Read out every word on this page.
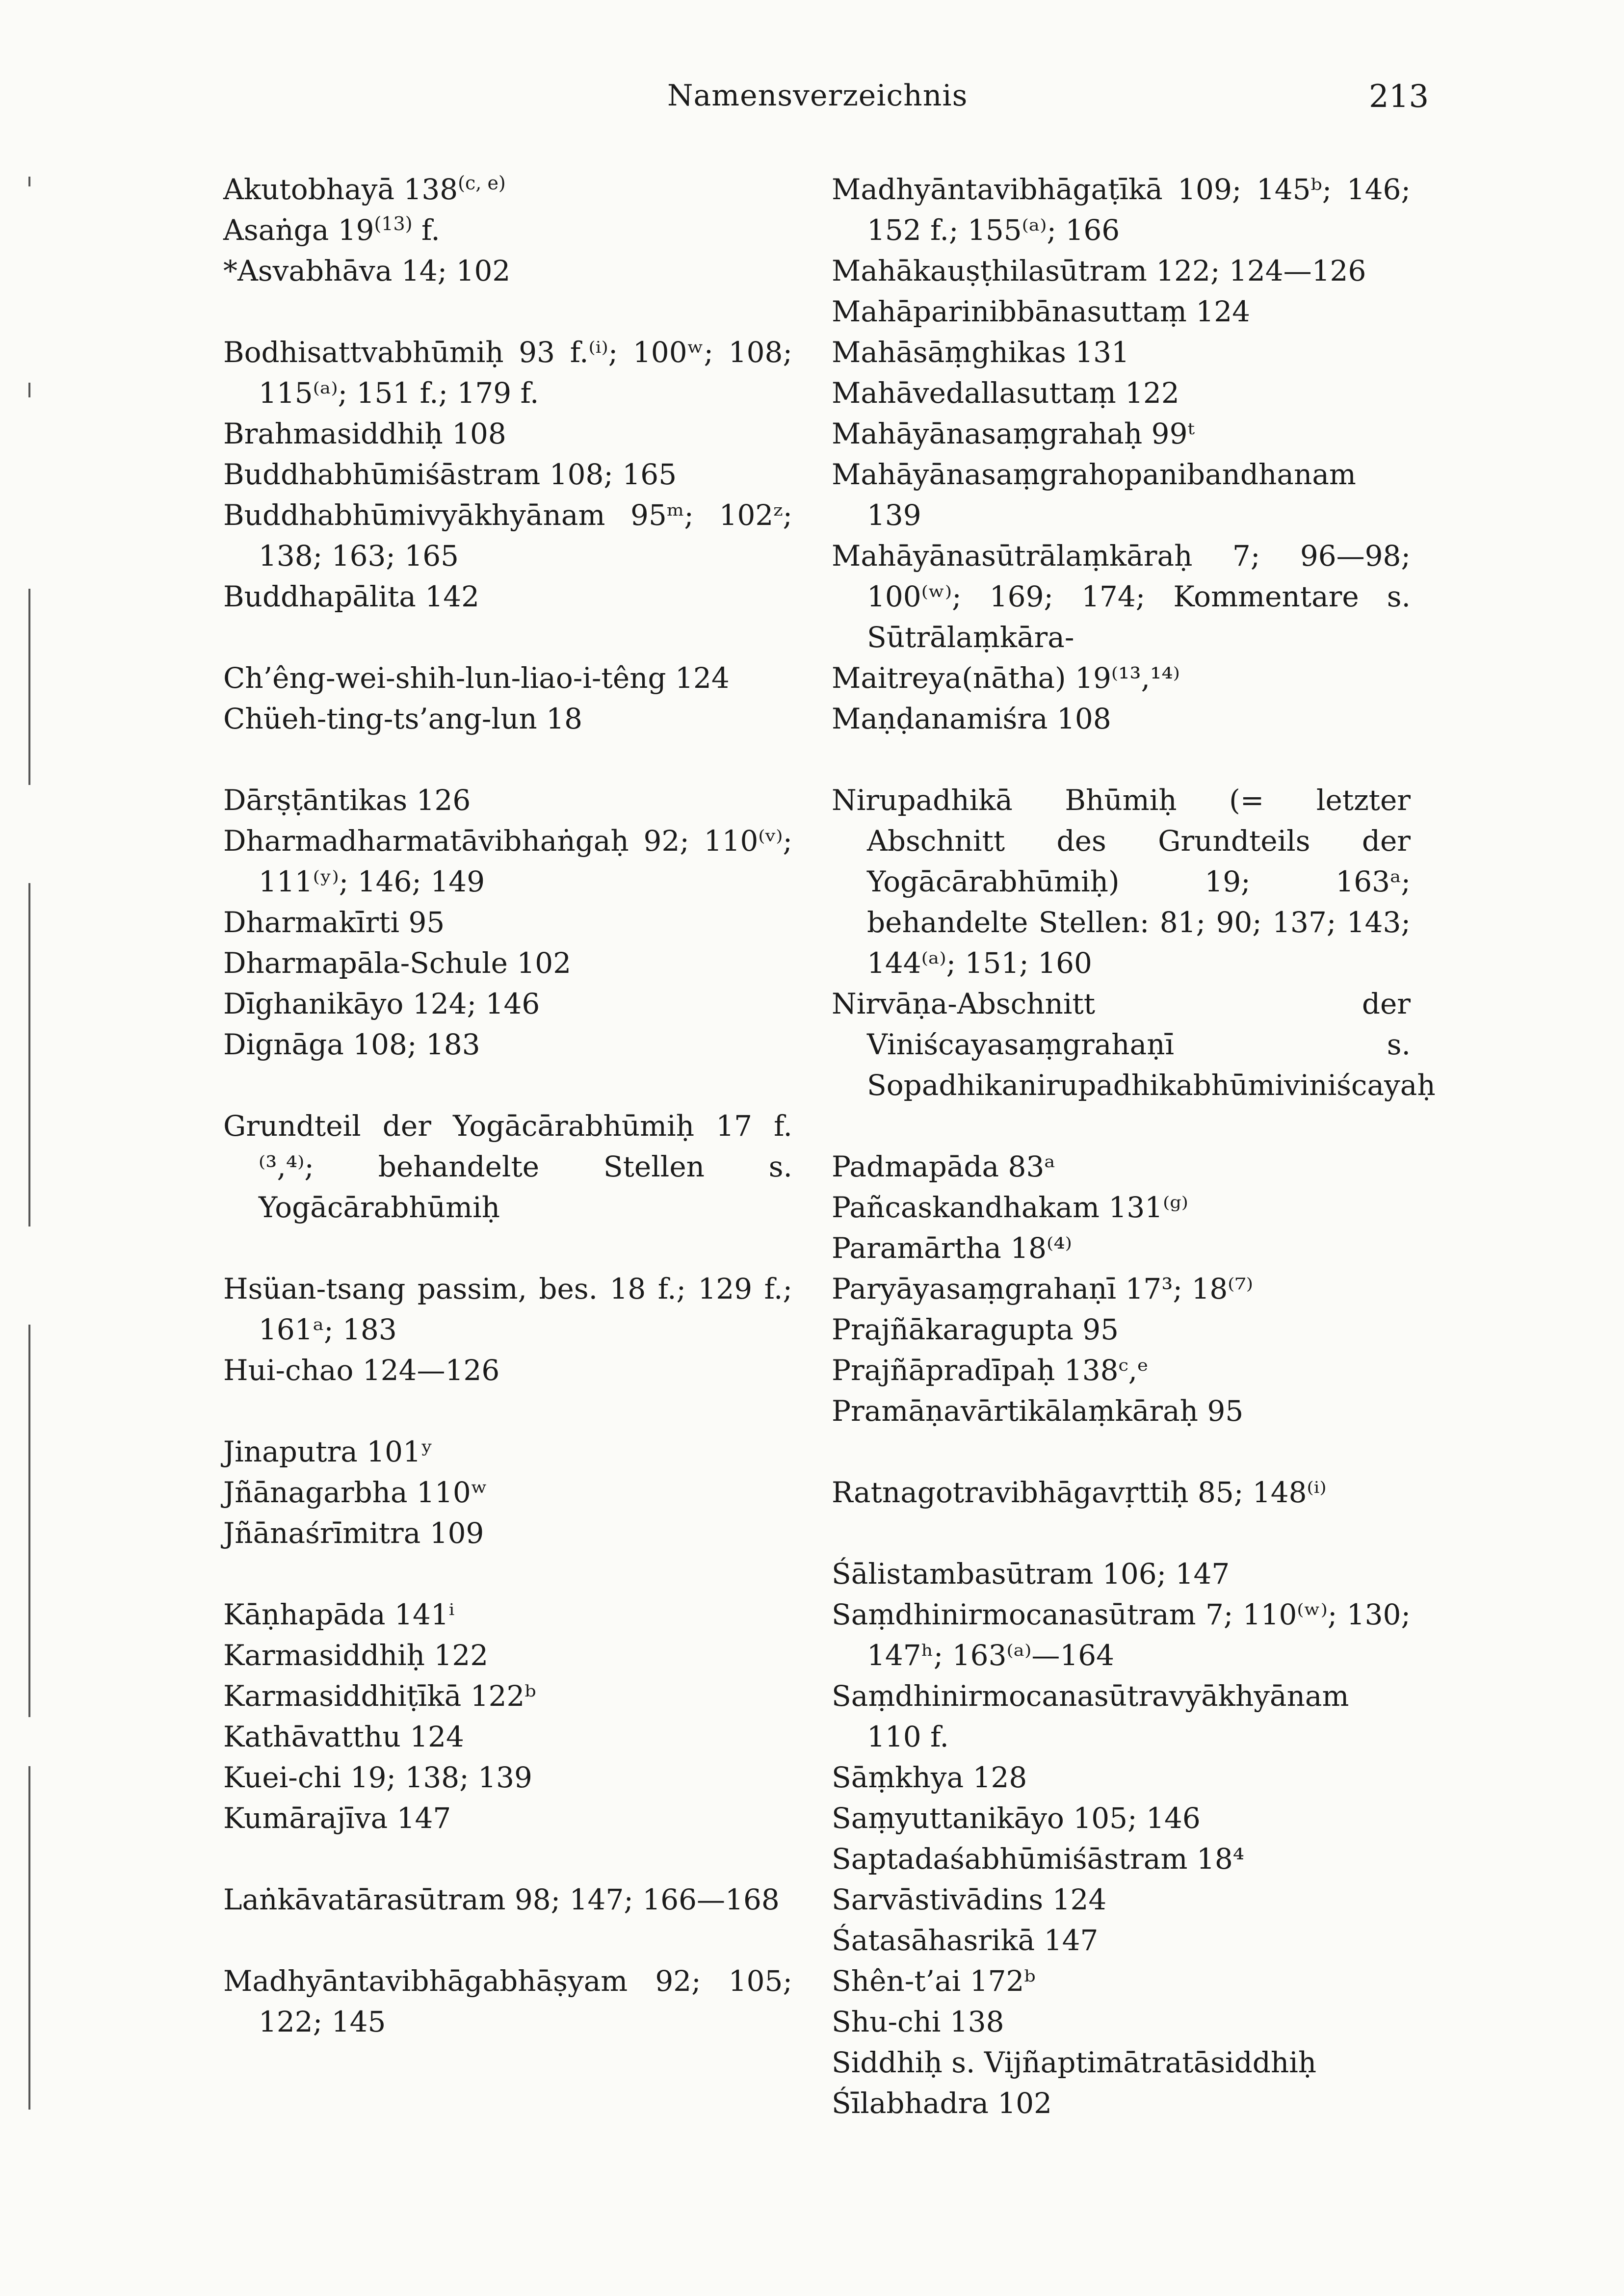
Namensverzeichnis	213
Akutobhayā 138$^{(c, e)}$
Asaṅga 19$^{(13)}$ f.
*Asvabhāva 14; 102
Bodhisattvabhūmiḥ 93 f.⁽ⁱ⁾; 100ʷ; 108; 115⁽ᵃ⁾; 151 f.; 179 f.
Brahmasiddhiḥ 108
Buddhabhūmiśāstram 108; 165
Buddhabhūmivyākhyānam 95ᵐ; 102ᶻ; 138; 163; 165
Buddhapālita 142
Ch’êng-wei-shih-lun-liao-i-têng 124
Chüeh-ting-ts’ang-lun 18
Dārṣṭāntikas 126
Dharmadharmatāvibhaṅgaḥ 92; 110⁽ᵛ⁾; 111⁽ʸ⁾; 146; 149
Dharmakīrti 95
Dharmapāla-Schule 102
Dīghanikāyo 124; 146
Dignāga 108; 183
Grundteil der Yogācārabhūmiḥ 17 f.⁽³,⁴⁾; behandelte Stellen s. Yogācārabhūmiḥ
Hsüan-tsang passim, bes. 18 f.; 129 f.; 161ᵃ; 183
Hui-chao 124—126
Jinaputra 101ʸ
Jñānagarbha 110ʷ
Jñānaśrīmitra 109
Kāṇhapāda 141ⁱ
Karmasiddhiḥ 122
Karmasiddhiṭīkā 122ᵇ
Kathāvatthu 124
Kuei-chi 19; 138; 139
Kumārajīva 147
Laṅkāvatārasūtram 98; 147; 166—168
Madhyāntavibhāgabhāṣyam 92; 105; 122; 145
Madhyāntavibhāgaṭīkā 109; 145ᵇ; 146; 152 f.; 155⁽ᵃ⁾; 166
Mahākauṣṭhilasūtram 122; 124—126
Mahāparinibbānasuttaṃ 124
Mahāsāṃghikas 131
Mahāvedallasuttaṃ 122
Mahāyānasaṃgrahaḥ 99ᵗ
Mahāyānasaṃgrahopanibandhanam 139
Mahāyānasūtrālaṃkāraḥ 7; 96—98; 100⁽ʷ⁾; 169; 174; Kommentare s. Sūtrālaṃkāra-
Maitreya(nātha) 19⁽¹³,¹⁴⁾
Maṇḍanamiśra 108
Nirupadhikā Bhūmiḥ (= letzter Abschnitt des Grundteils der Yogācārabhūmiḥ) 19; 163ᵃ; behandelte Stellen: 81; 90; 137; 143; 144⁽ᵃ⁾; 151; 160
Nirvāṇa-Abschnitt der Viniścayasaṃgrahaṇī s. Sopadhikanirupadhikabhūmiviniścayaḥ
Padmapāda 83ᵃ
Pañcaskandhakam 131⁽ᵍ⁾
Paramārtha 18⁽⁴⁾
Paryāyasaṃgrahaṇī 17³; 18⁽⁷⁾
Prajñākaragupta 95
Prajñāpradīpaḥ 138ᶜ,ᵉ
Pramāṇavārtikālaṃkāraḥ 95
Ratnagotravibhāgavṛttiḥ 85; 148⁽ⁱ⁾
Śālistambasūtram 106; 147
Saṃdhinirmocanasūtram 7; 110⁽ʷ⁾; 130; 147ʰ; 163⁽ᵃ⁾—164
Saṃdhinirmocanasūtravyākhyānam 110 f.
Sāṃkhya 128
Saṃyuttanikāyo 105; 146
Saptadaśabhūmiśāstram 18⁴
Sarvāstivādins 124
Śatasāhasrikā 147
Shên-t’ai 172ᵇ
Shu-chi 138
Siddhiḥ s. Vijñaptimātratāsiddhiḥ
Śīlabhadra 102
